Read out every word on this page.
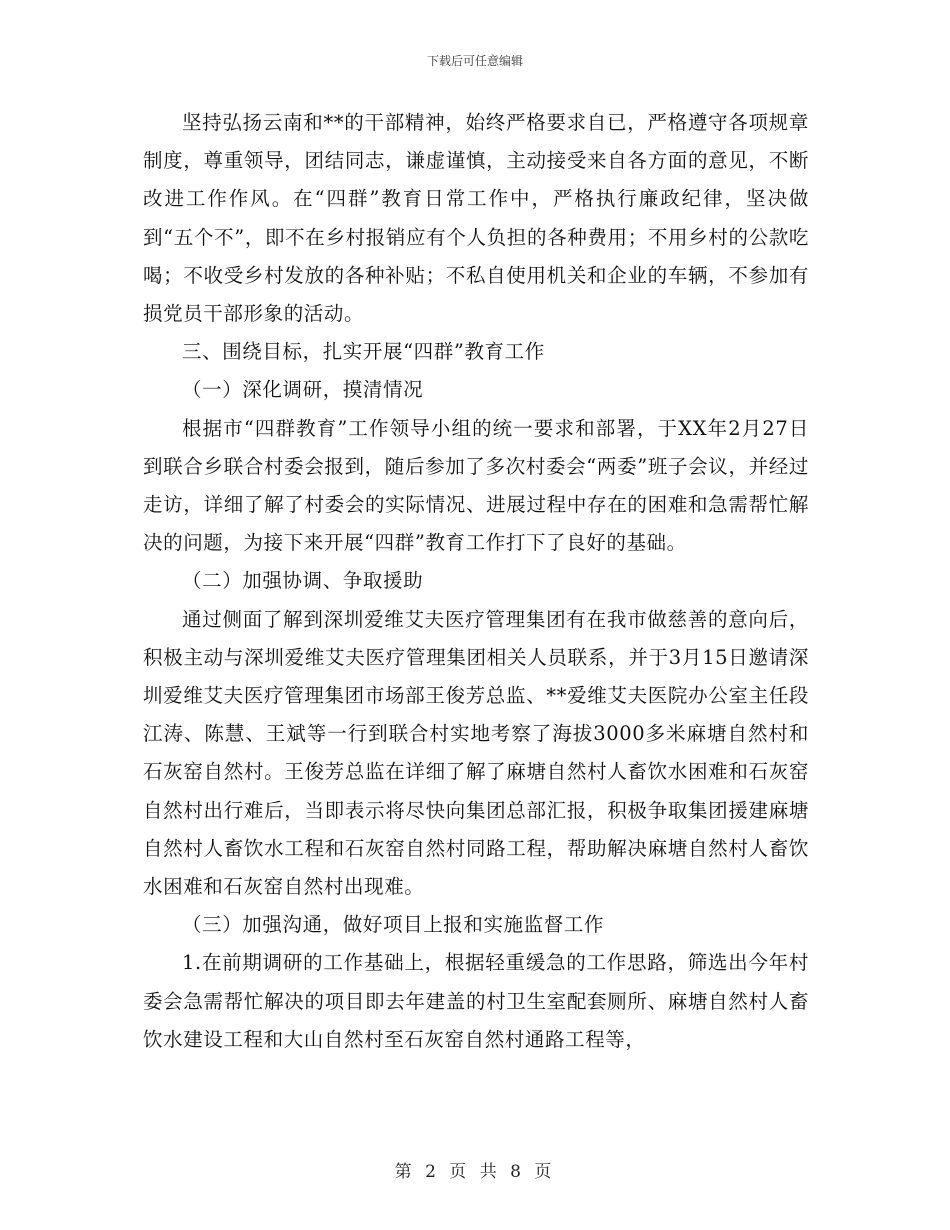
下载后可任意编辑

坚持弘扬云南和**的干部精神，始终严格要求自已，严格遵守各项规章制度，尊重领导，团结同志，谦虚谨慎，主动接受来自各方面的意见，不断改进工作作风。在“四群”教育日常工作中，严格执行廉政纪律，坚决做到“五个不”，即不在乡村报销应有个人负担的各种费用；不用乡村的公款吃喝；不收受乡村发放的各种补贴；不私自使用机关和企业的车辆，不参加有损党员干部形象的活动。

三、围绕目标，扎实开展“四群”教育工作

（一）深化调研，摸清情况

根据市“四群教育”工作领导小组的统一要求和部署，于XX年2月27日到联合乡联合村委会报到，随后参加了多次村委会“两委”班子会议，并经过走访，详细了解了村委会的实际情况、进展过程中存在的困难和急需帮忙解决的问题，为接下来开展“四群”教育工作打下了良好的基础。

（二）加强协调、争取援助

通过侧面了解到深圳爱维艾夫医疗管理集团有在我市做慈善的意向后，积极主动与深圳爱维艾夫医疗管理集团相关人员联系，并于3月15日邀请深圳爱维艾夫医疗管理集团市场部王俊芳总监、**爱维艾夫医院办公室主任段江涛、陈慧、王斌等一行到联合村实地考察了海拔3000多米麻塘自然村和石灰窑自然村。王俊芳总监在详细了解了麻塘自然村人畜饮水困难和石灰窑自然村出行难后，当即表示将尽快向集团总部汇报，积极争取集团援建麻塘自然村人畜饮水工程和石灰窑自然村同路工程，帮助解决麻塘自然村人畜饮水困难和石灰窑自然村出现难。

（三）加强沟通，做好项目上报和实施监督工作

1.在前期调研的工作基础上，根据轻重缓急的工作思路，筛选出今年村委会急需帮忙解决的项目即去年建盖的村卫生室配套厕所、麻塘自然村人畜饮水建设工程和大山自然村至石灰窑自然村通路工程等，

第 2 页 共 8 页
